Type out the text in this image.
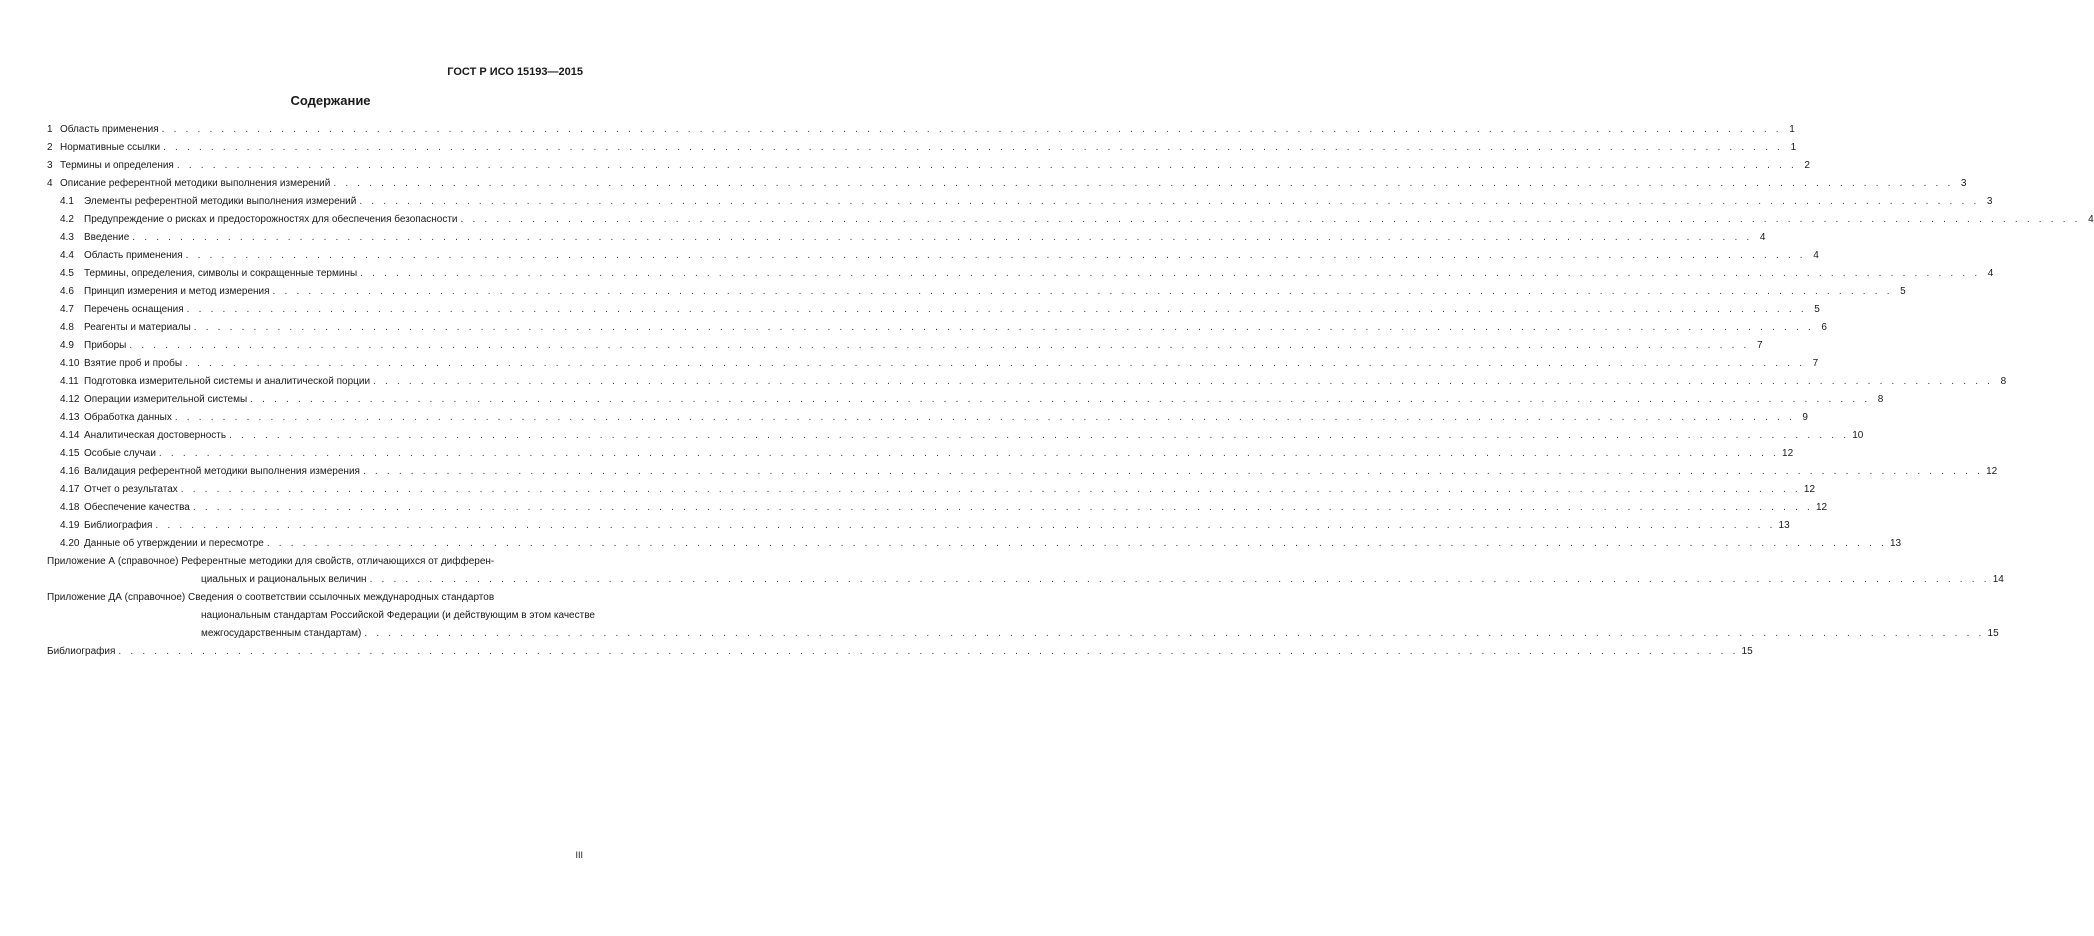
ГОСТ Р ИСО 15193—2015
Содержание
1 Область применения . . .	1
2 Нормативные ссылки . . .	1
3 Термины и определения . . .	2
4 Описание референтной методики выполнения измерений . . .	3
4.1	Элементы референтной методики выполнения измерений . . .	3
4.2	Предупреждение о рисках и предосторожностях для обеспечения безопасности . . .	4
4.3	Введение . . .	4
4.4	Область применения . . .	4
4.5	Термины, определения, символы и сокращенные термины . . .	4
4.6	Принцип измерения и метод измерения . . .	5
4.7	Перечень оснащения . . .	5
4.8	Реагенты и материалы . . .	6
4.9	Приборы . . .	7
4.10 Взятие проб и пробы . . .	7
4.11 Подготовка измерительной системы и аналитической порции . . .	8
4.12 Операции измерительной системы . . .	8
4.13 Обработка данных . . .	9
4.14 Аналитическая достоверность . . .	10
4.15 Особые случаи . . .	12
4.16 Валидация референтной методики выполнения измерения . . .	12
4.17 Отчет о результатах . . .	12
4.18 Обеспечение качества . . .	12
4.19 Библиография . . .	13
4.20 Данные об утверждении и пересмотре . . .	13
Приложение А (справочное) Референтные методики для свойств, отличающихся от дифферен-
циальных и рациональных величин . . .	14
Приложение ДА (справочное) Сведения о соответствии ссылочных международных стандартов
национальным стандартам Российской Федерации (и действующим в этом качестве
межгосударственным стандартам) . . .	15
Библиография . . .	15
III
